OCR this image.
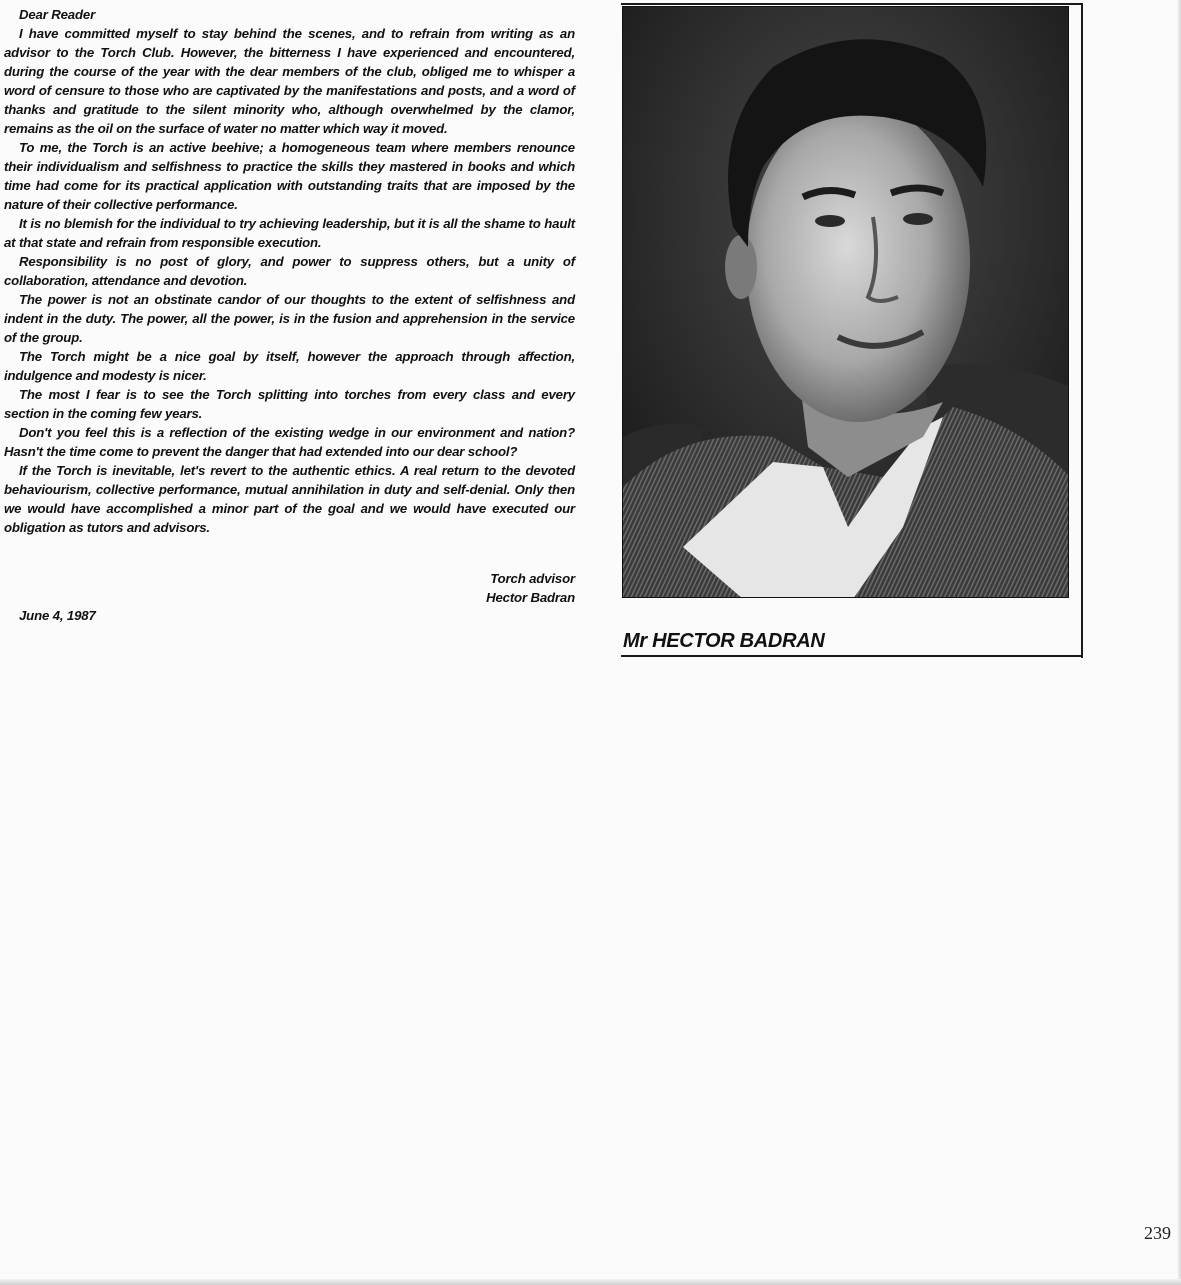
Dear Reader

I have committed myself to stay behind the scenes, and to refrain from writing as an advisor to the Torch Club. However, the bitterness I have experienced and encountered, during the course of the year with the dear members of the club, obliged me to whisper a word of censure to those who are captivated by the manifestations and posts, and a word of thanks and gratitude to the silent minority who, although overwhelmed by the clamor, remains as the oil on the surface of water no matter which way it moved.

To me, the Torch is an active beehive; a homogeneous team where members renounce their individualism and selfishness to practice the skills they mastered in books and which time had come for its practical application with outstanding traits that are imposed by the nature of their collective performance.

It is no blemish for the individual to try achieving leadership, but it is all the shame to hault at that state and refrain from responsible execution.

Responsibility is no post of glory, and power to suppress others, but a unity of collaboration, attendance and devotion.

The power is not an obstinate candor of our thoughts to the extent of selfishness and indent in the duty. The power, all the power, is in the fusion and apprehension in the service of the group.

The Torch might be a nice goal by itself, however the approach through affection, indulgence and modesty is nicer.

The most I fear is to see the Torch splitting into torches from every class and every section in the coming few years.

Don't you feel this is a reflection of the existing wedge in our environment and nation? Hasn't the time come to prevent the danger that had extended into our dear school?

If the Torch is inevitable, let's revert to the authentic ethics. A real return to the devoted behaviourism, collective performance, mutual annihilation in duty and self-denial. Only then we would have accomplished a minor part of the goal and we would have executed our obligation as tutors and advisors.

Torch advisor
Hector Badran
June 4, 1987
Mr HECTOR BADRAN
239
